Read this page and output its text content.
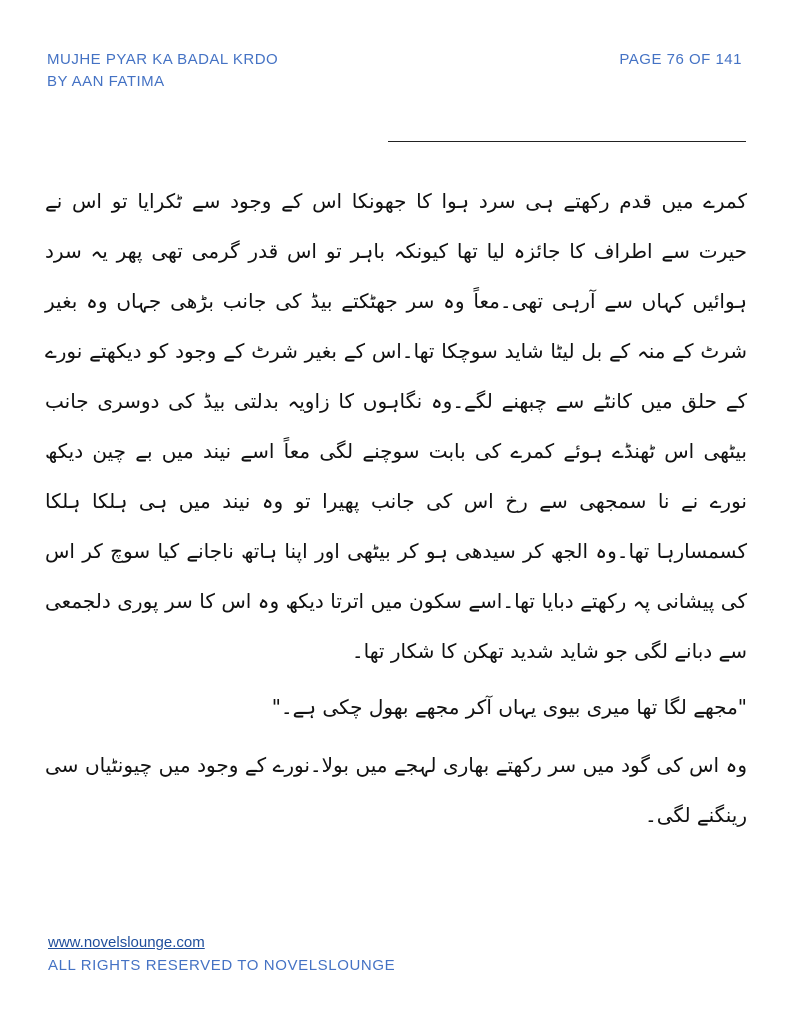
MUJHE PYAR KA BADAL KRDO
BY AAN FATIMA
PAGE 76 OF 141

کمرے میں قدم رکھتے ہی سرد ہوا کا جھونکا اس کے وجود سے ٹکرایا تو اس نے حیرت سے اطراف کا جائزہ لیا تھا کیونکہ باہر تو اس قدر گرمی تھی پھر یہ سرد ہوائیں کہاں سے آرہی تھی۔معاً وہ سر جھٹکتے بیڈ کی جانب بڑھی جہاں وہ بغیر شرٹ کے منہ کے بل لیٹا شاید سوچکا تھا۔اس کے بغیر شرٹ کے وجود کو دیکھتے نورے کے حلق میں کانٹے سے چبھنے لگے۔وہ نگاہوں کا زاویہ بدلتی بیڈ کی دوسری جانب بیٹھی اس ٹھنڈے ہوئے کمرے کی بابت سوچنے لگی معاً اسے نیند میں بے چین دیکھ نورے نے نا سمجھی سے رخ اس کی جانب پھیرا تو وہ نیند میں ہی ہلکا ہلکا کسمسارہا تھا۔وہ الجھ کر سیدھی ہو کر بیٹھی اور اپنا ہاتھ ناجانے کیا سوچ کر اس کی پیشانی پہ رکھتے دبایا تھا۔اسے سکون میں اترتا دیکھ وہ اس کا سر پوری دلجمعی سے دبانے لگی جو شاید شدید تھکن کا شکار تھا۔

"مجھے لگا تھا میری بیوی یہاں آکر مجھے بھول چکی ہے۔"

وہ اس کی گود میں سر رکھتے بھاری لہجے میں بولا۔نورے کے وجود میں چیونٹیاں سی رینگنے لگی۔

www.novelslounge.com
ALL RIGHTS RESERVED TO NOVELSLOUNGE
